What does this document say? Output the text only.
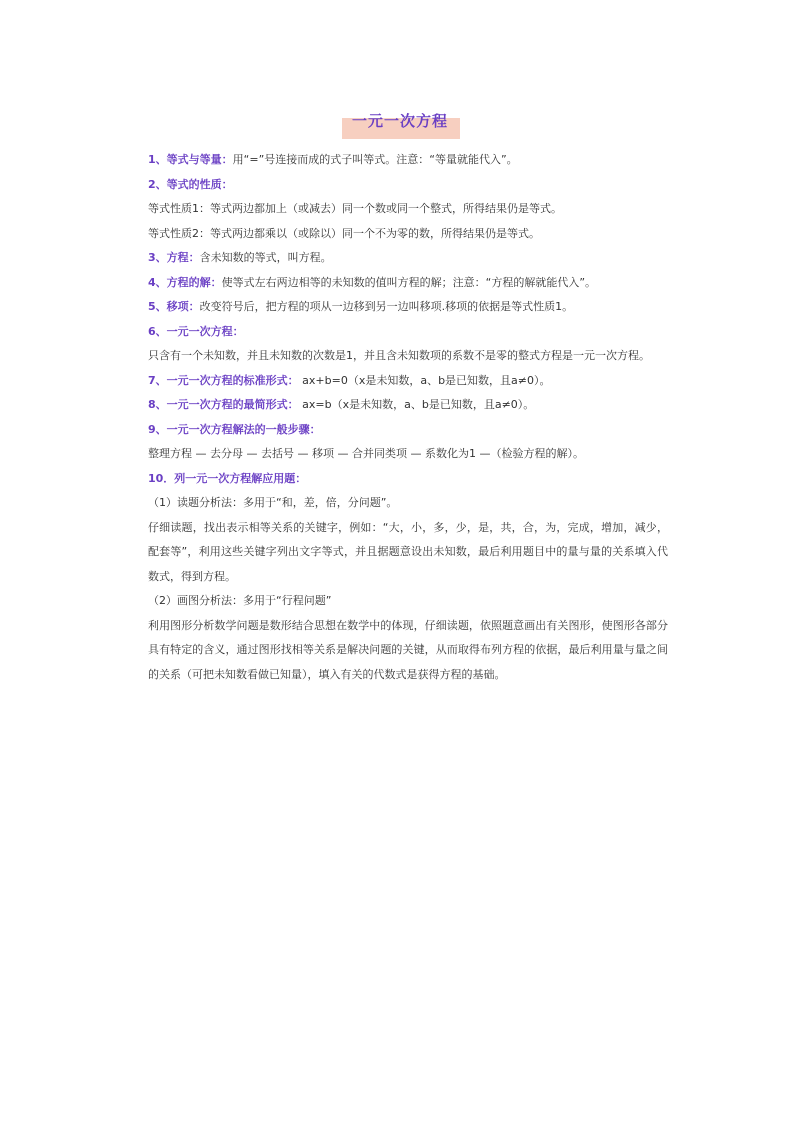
一元一次方程

1、等式与等量：用“=”号连接而成的式子叫等式。注意：“等量就能代入”。

2、等式的性质：

等式性质1：等式两边都加上（或减去）同一个数或同一个整式，所得结果仍是等式。

等式性质2：等式两边都乘以（或除以）同一个不为零的数，所得结果仍是等式。

3、方程：含未知数的等式，叫方程。

4、方程的解：使等式左右两边相等的未知数的值叫方程的解；注意：“方程的解就能代入”。

5、移项：改变符号后，把方程的项从一边移到另一边叫移项.移项的依据是等式性质1。

6、一元一次方程：

只含有一个未知数，并且未知数的次数是1，并且含未知数项的系数不是零的整式方程是一元一次方程。

7、一元一次方程的标准形式： ax+b=0（x是未知数，a、b是已知数，且a≠0）。

8、一元一次方程的最简形式： ax=b（x是未知数，a、b是已知数，且a≠0）。

9、一元一次方程解法的一般步骤：

整理方程 — 去分母 — 去括号 — 移项 — 合并同类项 — 系数化为1 —（检验方程的解）。

10．列一元一次方程解应用题：

（1）读题分析法：多用于“和，差，倍，分问题”。

仔细读题，找出表示相等关系的关键字，例如：“大，小，多，少，是，共，合，为，完成，增加，减少，配套等”，利用这些关键字列出文字等式，并且据题意设出未知数，最后利用题目中的量与量的关系填入代数式，得到方程。

（2）画图分析法：多用于“行程问题”

利用图形分析数学问题是数形结合思想在数学中的体现，仔细读题，依照题意画出有关图形，使图形各部分具有特定的含义，通过图形找相等关系是解决问题的关键，从而取得布列方程的依据，最后利用量与量之间的关系（可把未知数看做已知量），填入有关的代数式是获得方程的基础。
